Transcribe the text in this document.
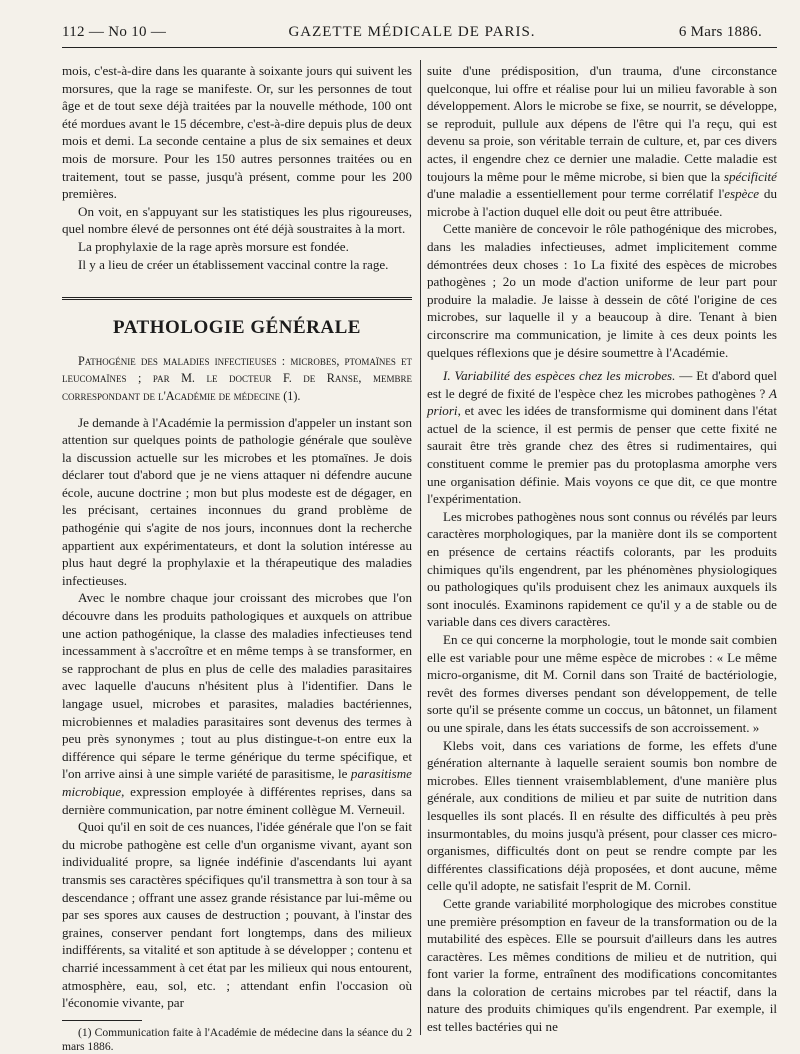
112 — No 10 —	GAZETTE MÉDICALE DE PARIS.	6 Mars 1886.

mois, c'est-à-dire dans les quarante à soixante jours qui suivent les morsures, que la rage se manifeste. Or, sur les personnes de tout âge et de tout sexe déjà traitées par la nouvelle méthode, 100 ont été mordues avant le 15 décembre, c'est-à-dire depuis plus de deux mois et demi. La seconde centaine a plus de six semaines et deux mois de morsure. Pour les 150 autres personnes traitées ou en traitement, tout se passe, jusqu'à présent, comme pour les 200 premières.

On voit, en s'appuyant sur les statistiques les plus rigoureuses, quel nombre élevé de personnes ont été déjà soustraites à la mort.

La prophylaxie de la rage après morsure est fondée.

Il y a lieu de créer un établissement vaccinal contre la rage.

PATHOLOGIE GÉNÉRALE

Pathogénie des maladies infectieuses : microbes, ptomaïnes et leucomaïnes ; par M. le docteur F. de Ranse, membre correspondant de l'Académie de médecine (1).

Je demande à l'Académie la permission d'appeler un instant son attention sur quelques points de pathologie générale que soulève la discussion actuelle sur les microbes et les ptomaïnes. Je dois déclarer tout d'abord que je ne viens attaquer ni défendre aucune école, aucune doctrine ; mon but plus modeste est de dégager, en les précisant, certaines inconnues du grand problème de pathogénie qui s'agite de nos jours, inconnues dont la recherche appartient aux expérimentateurs, et dont la solution intéresse au plus haut degré la prophylaxie et la thérapeutique des maladies infectieuses.

Avec le nombre chaque jour croissant des microbes que l'on découvre dans les produits pathologiques et auxquels on attribue une action pathogénique, la classe des maladies infectieuses tend incessamment à s'accroître et en même temps à se transformer, en se rapprochant de plus en plus de celle des maladies parasitaires avec laquelle d'aucuns n'hésitent plus à l'identifier. Dans le langage usuel, microbes et parasites, maladies bactériennes, microbiennes et maladies parasitaires sont devenus des termes à peu près synonymes ; tout au plus distingue-t-on entre eux la différence qui sépare le terme générique du terme spécifique, et l'on arrive ainsi à une simple variété de parasitisme, le parasitisme microbique, expression employée à différentes reprises, dans sa dernière communication, par notre éminent collègue M. Verneuil.

Quoi qu'il en soit de ces nuances, l'idée générale que l'on se fait du microbe pathogène est celle d'un organisme vivant, ayant son individualité propre, sa lignée indéfinie d'ascendants lui ayant transmis ses caractères spécifiques qu'il transmettra à son tour à sa descendance ; offrant une assez grande résistance par lui-même ou par ses spores aux causes de destruction ; pouvant, à l'instar des graines, conserver pendant fort longtemps, dans des milieux indifférents, sa vitalité et son aptitude à se développer ; contenu et charrié incessamment à cet état par les milieux qui nous entourent, atmosphère, eau, sol, etc. ; attendant enfin l'occasion où l'économie vivante, par

(1) Communication faite à l'Académie de médecine dans la séance du 2 mars 1886.

suite d'une prédisposition, d'un trauma, d'une circonstance quelconque, lui offre et réalise pour lui un milieu favorable à son développement. Alors le microbe se fixe, se nourrit, se développe, se reproduit, pullule aux dépens de l'être qui l'a reçu, qui est devenu sa proie, son véritable terrain de culture, et, par ces divers actes, il engendre chez ce dernier une maladie. Cette maladie est toujours la même pour le même microbe, si bien que la spécificité d'une maladie a essentiellement pour terme corrélatif l'espèce du microbe à l'action duquel elle doit ou peut être attribuée.

Cette manière de concevoir le rôle pathogénique des microbes, dans les maladies infectieuses, admet implicitement comme démontrées deux choses : 1o La fixité des espèces de microbes pathogènes ; 2o un mode d'action uniforme de leur part pour produire la maladie. Je laisse à dessein de côté l'origine de ces microbes, sur laquelle il y a beaucoup à dire. Tenant à bien circonscrire ma communication, je limite à ces deux points les quelques réflexions que je désire soumettre à l'Académie.

I. Variabilité des espèces chez les microbes. — Et d'abord quel est le degré de fixité de l'espèce chez les microbes pathogènes ? A priori, et avec les idées de transformisme qui dominent dans l'état actuel de la science, il est permis de penser que cette fixité ne saurait être très grande chez des êtres si rudimentaires, qui constituent comme le premier pas du protoplasma amorphe vers une organisation définie. Mais voyons ce que dit, ce que montre l'expérimentation.

Les microbes pathogènes nous sont connus ou révélés par leurs caractères morphologiques, par la manière dont ils se comportent en présence de certains réactifs colorants, par les produits chimiques qu'ils engendrent, par les phénomènes physiologiques ou pathologiques qu'ils produisent chez les animaux auxquels ils sont inoculés. Examinons rapidement ce qu'il y a de stable ou de variable dans ces divers caractères.

En ce qui concerne la morphologie, tout le monde sait combien elle est variable pour une même espèce de microbes : « Le même micro-organisme, dit M. Cornil dans son Traité de bactériologie, revêt des formes diverses pendant son développement, de telle sorte qu'il se présente comme un coccus, un bâtonnet, un filament ou une spirale, dans les états successifs de son accroissement. »

Klebs voit, dans ces variations de forme, les effets d'une génération alternante à laquelle seraient soumis bon nombre de microbes. Elles tiennent vraisemblablement, d'une manière plus générale, aux conditions de milieu et par suite de nutrition dans lesquelles ils sont placés. Il en résulte des difficultés à peu près insurmontables, du moins jusqu'à présent, pour classer ces micro-organismes, difficultés dont on peut se rendre compte par les différentes classifications déjà proposées, et dont aucune, même celle qu'il adopte, ne satisfait l'esprit de M. Cornil.

Cette grande variabilité morphologique des microbes constitue une première présomption en faveur de la transformation ou de la mutabilité des espèces. Elle se poursuit d'ailleurs dans les autres caractères. Les mêmes conditions de milieu et de nutrition, qui font varier la forme, entraînent des modifications concomitantes dans la coloration de certains microbes par tel réactif, dans la nature des produits chimiques qu'ils engendrent. Par exemple, il est telles bactéries qui ne
